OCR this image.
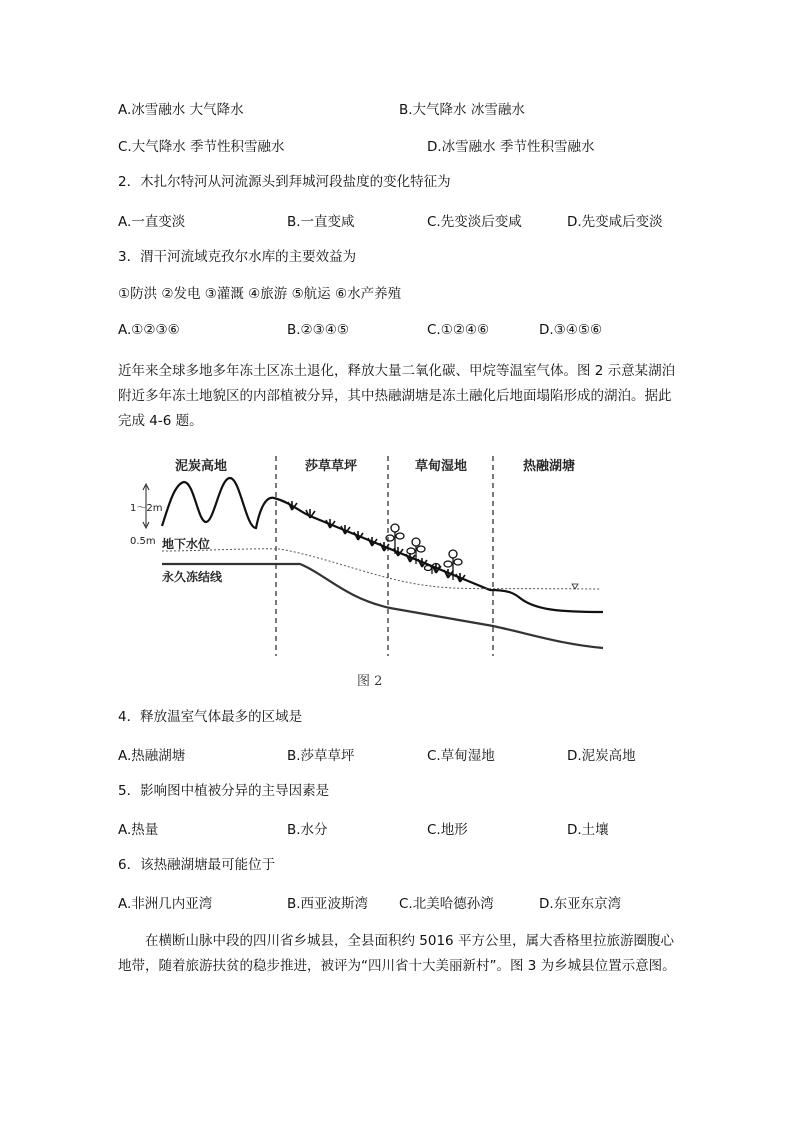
A.冰雪融水 大气降水	B.大气降水 冰雪融水
C.大气降水 季节性积雪融水	D.冰雪融水 季节性积雪融水
2．木扎尔特河从河流源头到拜城河段盐度的变化特征为
A.一直变淡	B.一直变咸	C.先变淡后变咸	D.先变咸后变淡
3．渭干河流域克孜尔水库的主要效益为
①防洪 ②发电 ③灌溉 ④旅游 ⑤航运 ⑥水产养殖
A.①②③⑥	B.②③④⑤	C.①②④⑥	D.③④⑤⑥
近年来全球多地多年冻土区冻土退化，释放大量二氧化碳、甲烷等温室气体。图 2 示意某湖泊附近多年冻土地貌区的内部植被分异，其中热融湖塘是冻土融化后地面塌陷形成的湖泊。据此完成 4-6 题。
泥炭高地	莎草草坪	草甸湿地	热融湖塘
1～2m
0.5m 地下水位
永久冻结线
图 2
4．释放温室气体最多的区域是
A.热融湖塘	B.莎草草坪	C.草甸湿地	D.泥炭高地
5．影响图中植被分异的主导因素是
A.热量	B.水分	C.地形	D.土壤
6．该热融湖塘最可能位于
A.非洲几内亚湾	B.西亚波斯湾 C.北美哈德孙湾	D.东亚东京湾
在横断山脉中段的四川省乡城县，全县面积约 5016 平方公里，属大香格里拉旅游圈腹心地带，随着旅游扶贫的稳步推进，被评为“四川省十大美丽新村”。图 3 为乡城县位置示意图。
